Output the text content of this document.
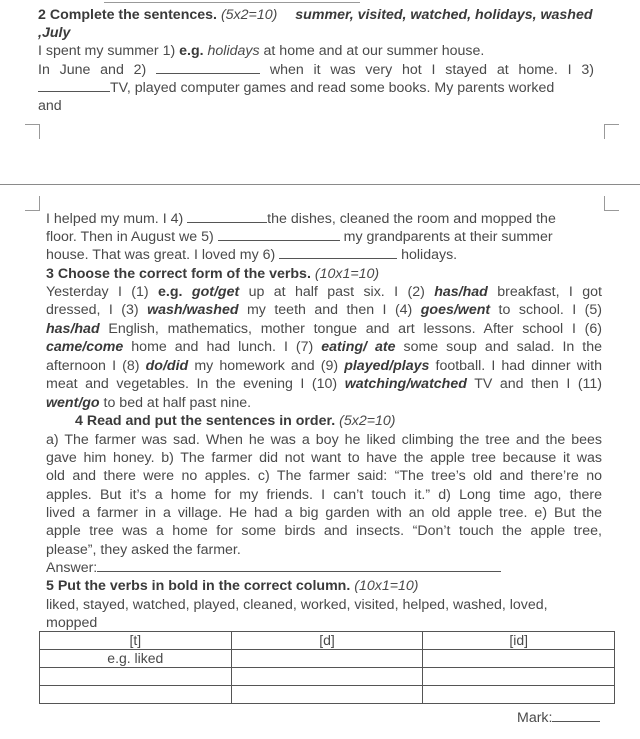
2 Complete the sentences. (5x2=10) summer, visited, watched, holidays, washed
,July
I spent my summer 1) e.g. holidays at home and at our summer house.
In June and 2)	when it was very hot I stayed at home. I 3)
TV, played computer games and read some books. My parents worked
and
I helped my mum. I 4)	the dishes, cleaned the room and mopped the
floor. Then in August we 5)	my grandparents at their summer
house. That was great. I loved my 6)	holidays.
3 Choose the correct form of the verbs. (10x1=10)
Yesterday I (1) e.g. got/get up at half past six. I (2) has/had breakfast, I got
dressed, I (3) wash/washed my teeth and then I (4) goes/went to school. I (5)
has/had English, mathematics, mother tongue and art lessons. After school I (6)
came/come home and had lunch. I (7) eating/ ate some soup and salad. In the
afternoon I (8) do/did my homework and (9) played/plays football. I had dinner with
meat and vegetables. In the evening I (10) watching/watched TV and then I (11)
went/go to bed at half past nine.
4 Read and put the sentences in order. (5x2=10)
a) The farmer was sad. When he was a boy he liked climbing the tree and the bees
gave him honey. b) The farmer did not want to have the apple tree because it was
old and there were no apples. c) The farmer said: “The tree’s old and there’re no
apples. But it’s a home for my friends. I can’t touch it.” d) Long time ago, there
lived a farmer in a village. He had a big garden with an old apple tree. e) But the
apple tree was a home for some birds and insects. “Don’t touch the apple tree,
please”, they asked the farmer.
Answer:
5 Put the verbs in bold in the correct column. (10x1=10)
liked, stayed, watched, played, cleaned, worked, visited, helped, washed, loved,
mopped
[t]	[d]	[id]
e.g. liked		

Mark:
